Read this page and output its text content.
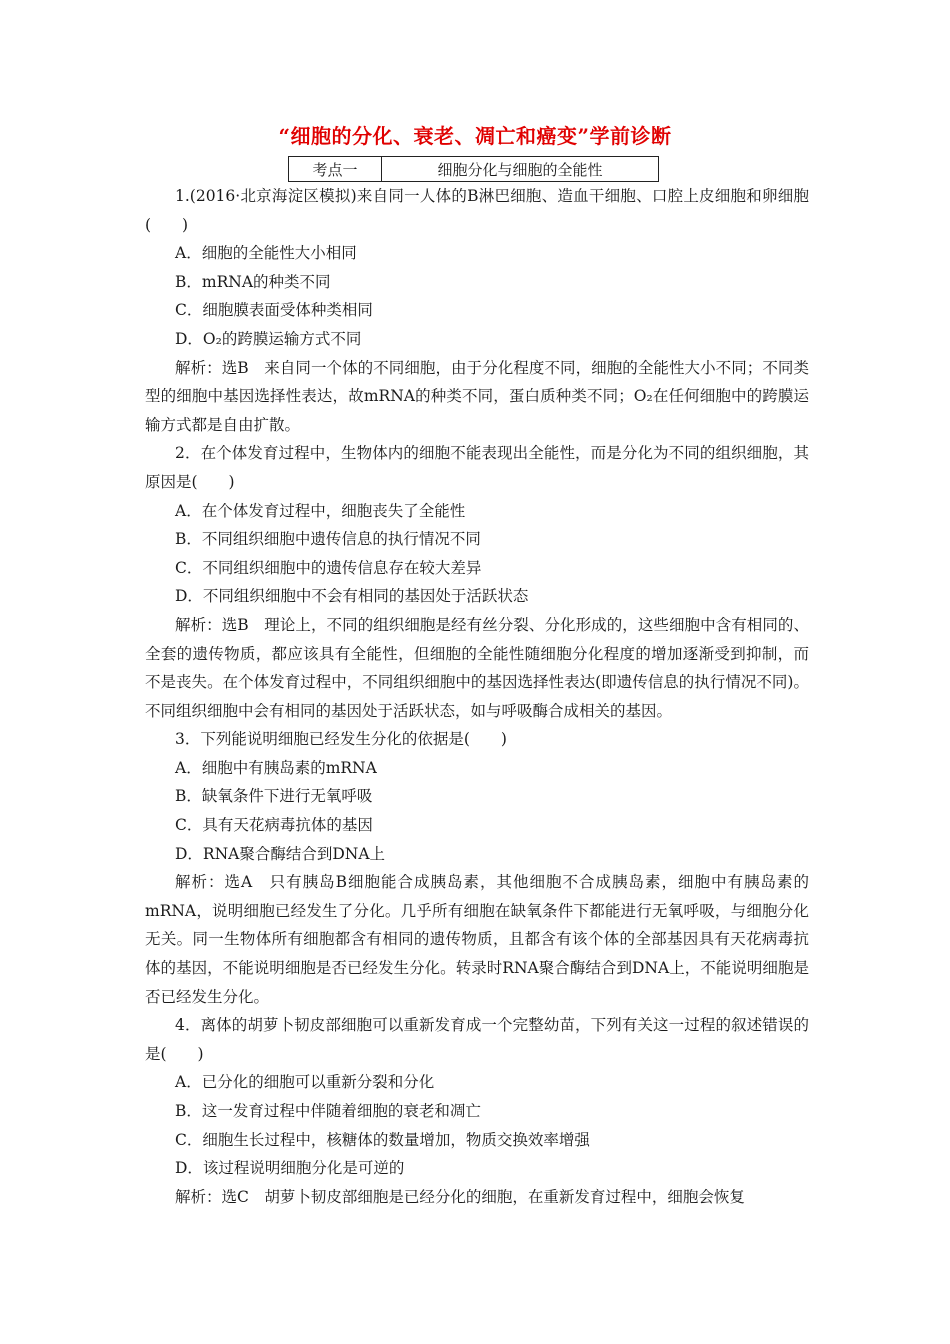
“细胞的分化、衰老、凋亡和癌变”学前诊断
考点一	细胞分化与细胞的全能性

1.(2016·北京海淀区模拟)来自同一人体的B淋巴细胞、造血干细胞、口腔上皮细胞和卵细胞(　　)

A．细胞的全能性大小相同

B．mRNA的种类不同

C．细胞膜表面受体种类相同

D．O₂的跨膜运输方式不同

解析：选B　来自同一个体的不同细胞，由于分化程度不同，细胞的全能性大小不同；不同类型的细胞中基因选择性表达，故mRNA的种类不同，蛋白质种类不同；O₂在任何细胞中的跨膜运输方式都是自由扩散。

2．在个体发育过程中，生物体内的细胞不能表现出全能性，而是分化为不同的组织细胞，其原因是(　　)

A．在个体发育过程中，细胞丧失了全能性

B．不同组织细胞中遗传信息的执行情况不同

C．不同组织细胞中的遗传信息存在较大差异

D．不同组织细胞中不会有相同的基因处于活跃状态

解析：选B　理论上，不同的组织细胞是经有丝分裂、分化形成的，这些细胞中含有相同的、全套的遗传物质，都应该具有全能性，但细胞的全能性随细胞分化程度的增加逐渐受到抑制，而不是丧失。在个体发育过程中，不同组织细胞中的基因选择性表达(即遗传信息的执行情况不同)。不同组织细胞中会有相同的基因处于活跃状态，如与呼吸酶合成相关的基因。

3．下列能说明细胞已经发生分化的依据是(　　)

A．细胞中有胰岛素的mRNA

B．缺氧条件下进行无氧呼吸

C．具有天花病毒抗体的基因

D．RNA聚合酶结合到DNA上

解析：选A　只有胰岛B细胞能合成胰岛素，其他细胞不合成胰岛素，细胞中有胰岛素的mRNA，说明细胞已经发生了分化。几乎所有细胞在缺氧条件下都能进行无氧呼吸，与细胞分化无关。同一生物体所有细胞都含有相同的遗传物质，且都含有该个体的全部基因具有天花病毒抗体的基因，不能说明细胞是否已经发生分化。转录时RNA聚合酶结合到DNA上，不能说明细胞是否已经发生分化。

4．离体的胡萝卜韧皮部细胞可以重新发育成一个完整幼苗，下列有关这一过程的叙述错误的是(　　)

A．已分化的细胞可以重新分裂和分化

B．这一发育过程中伴随着细胞的衰老和凋亡

C．细胞生长过程中，核糖体的数量增加，物质交换效率增强

D．该过程说明细胞分化是可逆的

解析：选C　胡萝卜韧皮部细胞是已经分化的细胞，在重新发育过程中，细胞会恢复
